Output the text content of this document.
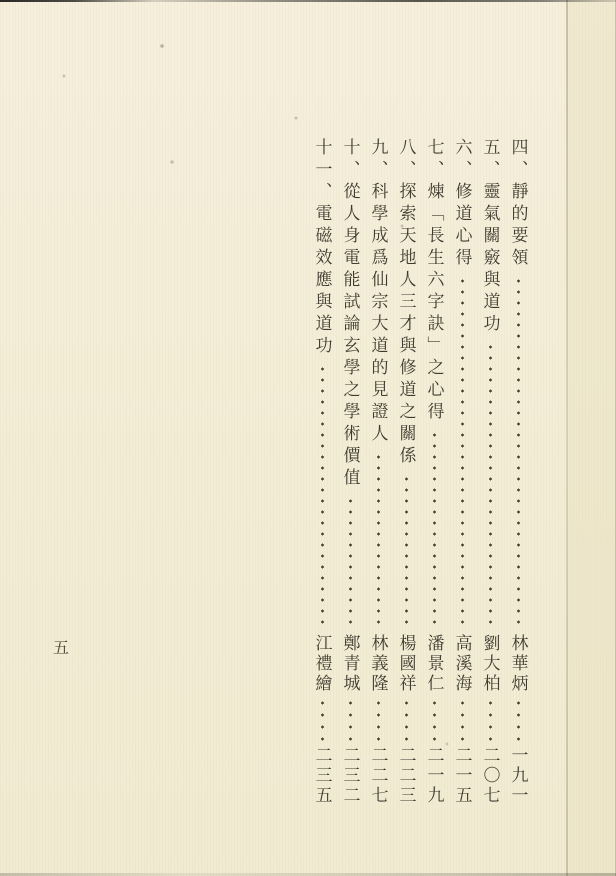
四、靜的要領
林華炳
一九一
五、靈氣關竅與道功
劉大柏
二〇七
六、修道心得
高溪海
二一五
七、煉「長生六字訣」之心得
潘景仁
二一九
八、探索天地人三才與修道之關係
楊國祥
二二三
九、科學成爲仙宗大道的見證人
林義隆
二二七
十、從人身電能試論玄學之學術價值
鄭青城
二三二
十一、電磁效應與道功
江禮繪
二三五
五
